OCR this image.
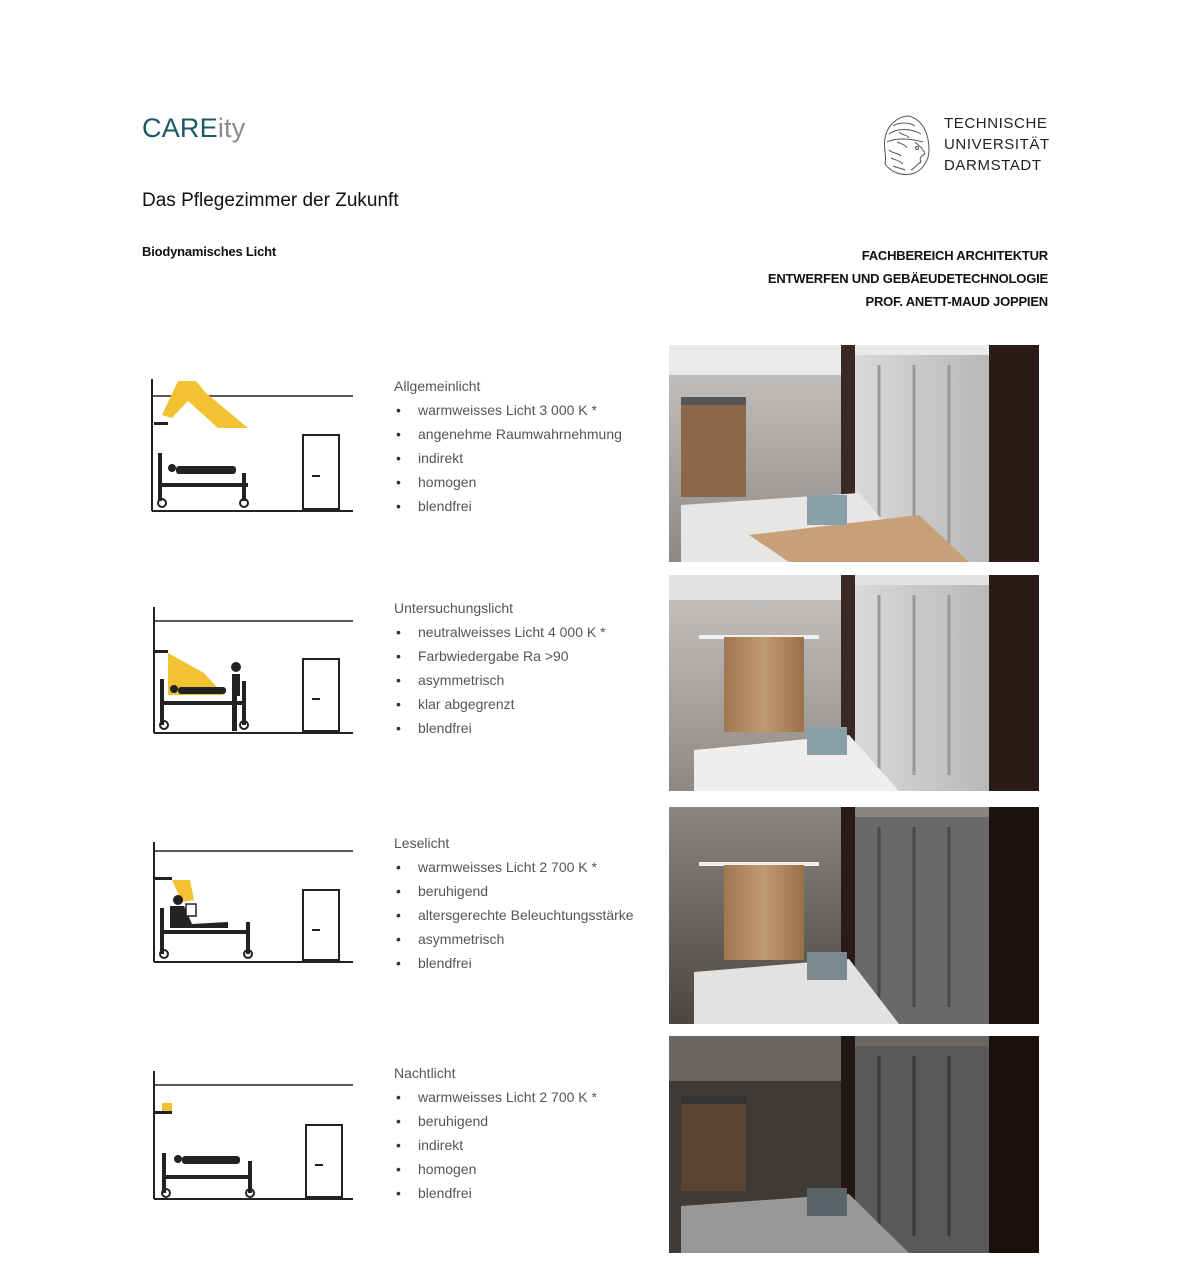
CAREity	TECHNISCHE
UNIVERSITÄT
DARMSTADT
Das Pflegezimmer der Zukunft
Biodynamisches Licht	FACHBEREICH ARCHITEKTUR
ENTWERFEN UND GEBÄEUDETECHNOLOGIE
PROF. ANETT-MAUD JOPPIEN
Allgemeinlicht
• warmweisses Licht 3 000 K *
• angenehme Raumwahrnehmung
• indirekt
• homogen
• blendfrei
Untersuchungslicht
• neutralweisses Licht 4 000 K *
• Farbwiedergabe Ra >90
• asymmetrisch
• klar abgegrenzt
• blendfrei
Leselicht
• warmweisses Licht 2 700 K *
• beruhigend
• altersgerechte Beleuchtungsstärke
• asymmetrisch
• blendfrei
Nachtlicht
• warmweisses Licht 2 700 K *
• beruhigend
• indirekt
• homogen
• blendfrei
